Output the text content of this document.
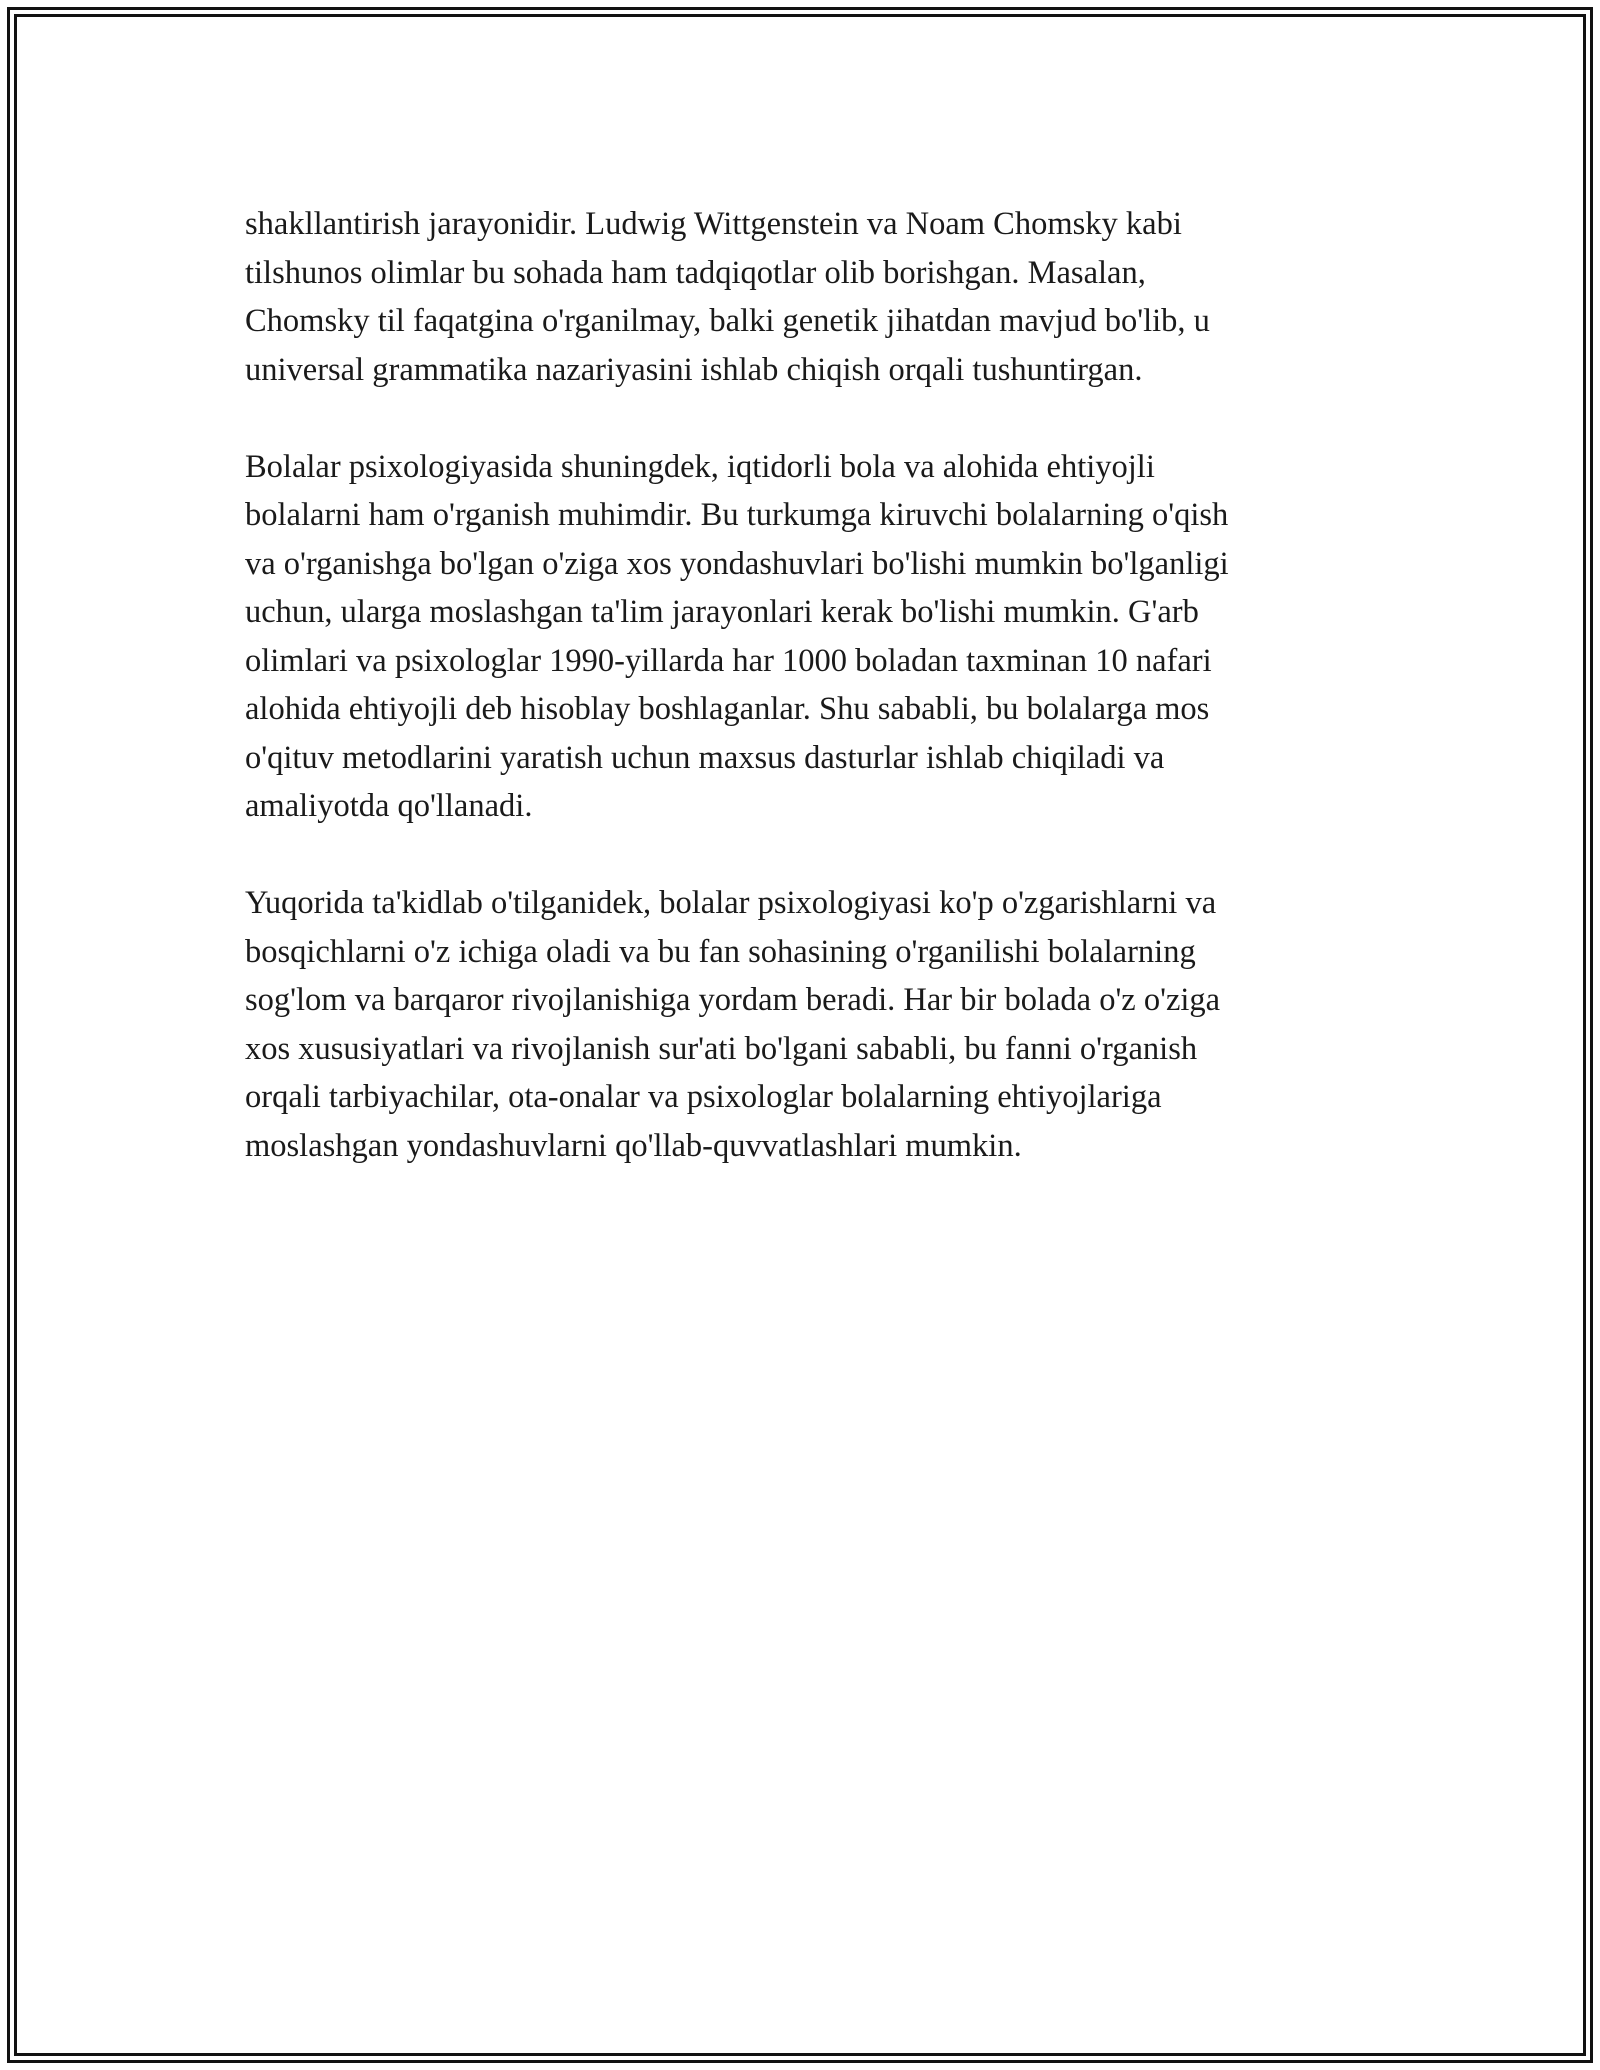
shakllantirish jarayonidir. Ludwig Wittgenstein va Noam Chomsky kabi
tilshunos olimlar bu sohada ham tadqiqotlar olib borishgan. Masalan,
Chomsky til faqatgina o'rganilmay, balki genetik jihatdan mavjud bo'lib, u
universal grammatika nazariyasini ishlab chiqish orqali tushuntirgan.

Bolalar psixologiyasida shuningdek, iqtidorli bola va alohida ehtiyojli
bolalarni ham o'rganish muhimdir. Bu turkumga kiruvchi bolalarning o'qish
va o'rganishga bo'lgan o'ziga xos yondashuvlari bo'lishi mumkin bo'lganligi
uchun, ularga moslashgan ta'lim jarayonlari kerak bo'lishi mumkin. G'arb
olimlari va psixologlar 1990-yillarda har 1000 boladan taxminan 10 nafari
alohida ehtiyojli deb hisoblay boshlaganlar. Shu sababli, bu bolalarga mos
o'qituv metodlarini yaratish uchun maxsus dasturlar ishlab chiqiladi va
amaliyotda qo'llanadi.

Yuqorida ta'kidlab o'tilganidek, bolalar psixologiyasi ko'p o'zgarishlarni va
bosqichlarni o'z ichiga oladi va bu fan sohasining o'rganilishi bolalarning
sog'lom va barqaror rivojlanishiga yordam beradi. Har bir bolada o'z o'ziga
xos xususiyatlari va rivojlanish sur'ati bo'lgani sababli, bu fanni o'rganish
orqali tarbiyachilar, ota-onalar va psixologlar bolalarning ehtiyojlariga
moslashgan yondashuvlarni qo'llab-quvvatlashlari mumkin.
